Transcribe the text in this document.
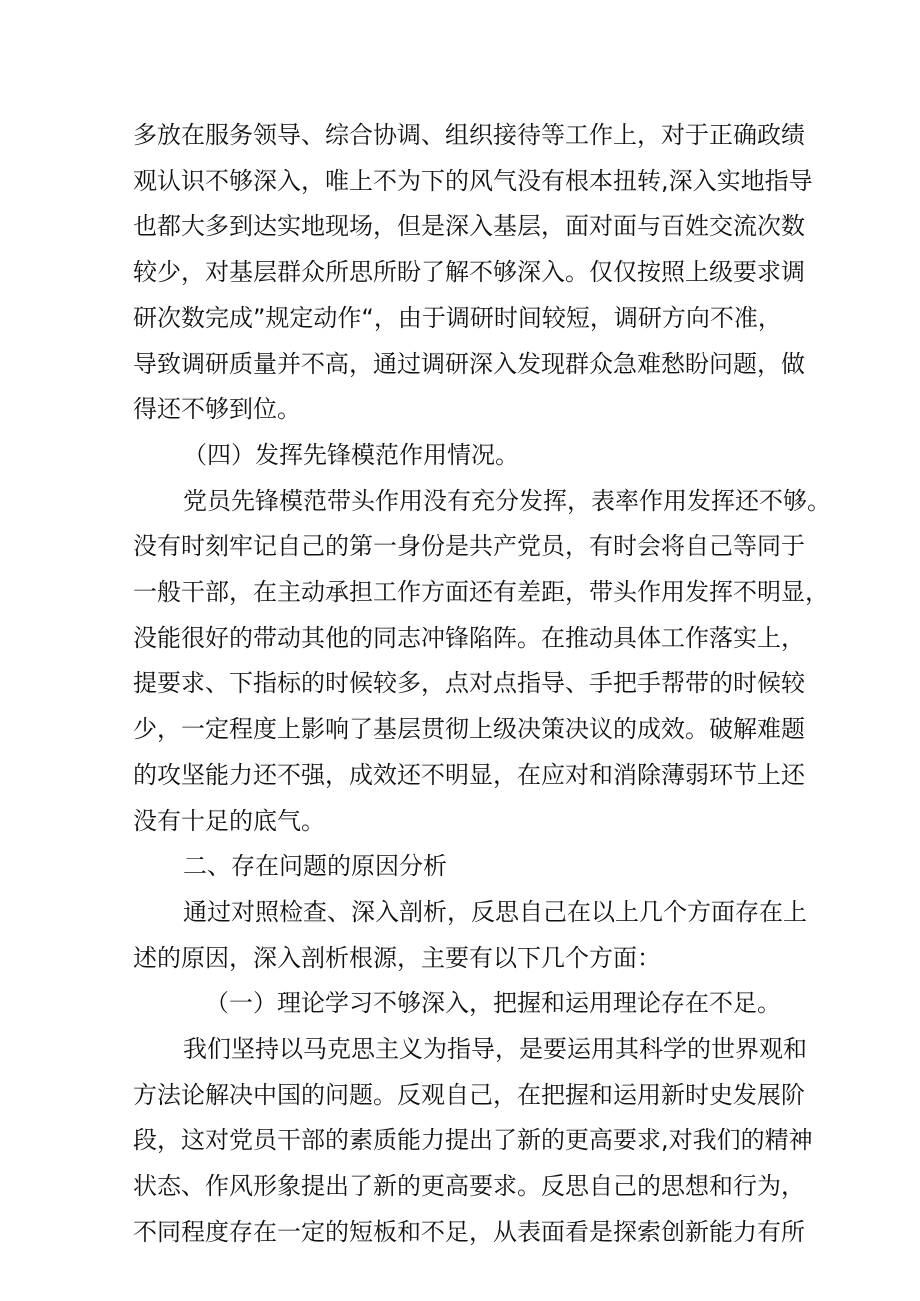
多放在服务领导、综合协调、组织接待等工作上，对于正确政绩
观认识不够深入，唯上不为下的风气没有根本扭转,深入实地指导
也都大多到达实地现场，但是深入基层，面对面与百姓交流次数
较少，对基层群众所思所盼了解不够深入。仅仅按照上级要求调
研次数完成”规定动作“，由于调研时间较短，调研方向不准，
导致调研质量并不高，通过调研深入发现群众急难愁盼问题，做
得还不够到位。
（四）发挥先锋模范作用情况。
党员先锋模范带头作用没有充分发挥，表率作用发挥还不够。
没有时刻牢记自己的第一身份是共产党员，有时会将自己等同于
一般干部，在主动承担工作方面还有差距，带头作用发挥不明显，
没能很好的带动其他的同志冲锋陷阵。在推动具体工作落实上，
提要求、下指标的时候较多，点对点指导、手把手帮带的时候较
少，一定程度上影响了基层贯彻上级决策决议的成效。破解难题
的攻坚能力还不强，成效还不明显，在应对和消除薄弱环节上还
没有十足的底气。
二、存在问题的原因分析
通过对照检查、深入剖析，反思自己在以上几个方面存在上
述的原因，深入剖析根源，主要有以下几个方面：
（一）理论学习不够深入，把握和运用理论存在不足。
我们坚持以马克思主义为指导，是要运用其科学的世界观和
方法论解决中国的问题。反观自己，在把握和运用新时史发展阶
段，这对党员干部的素质能力提出了新的更高要求,对我们的精神
状态、作风形象提出了新的更高要求。反思自己的思想和行为，
不同程度存在一定的短板和不足，从表面看是探索创新能力有所
